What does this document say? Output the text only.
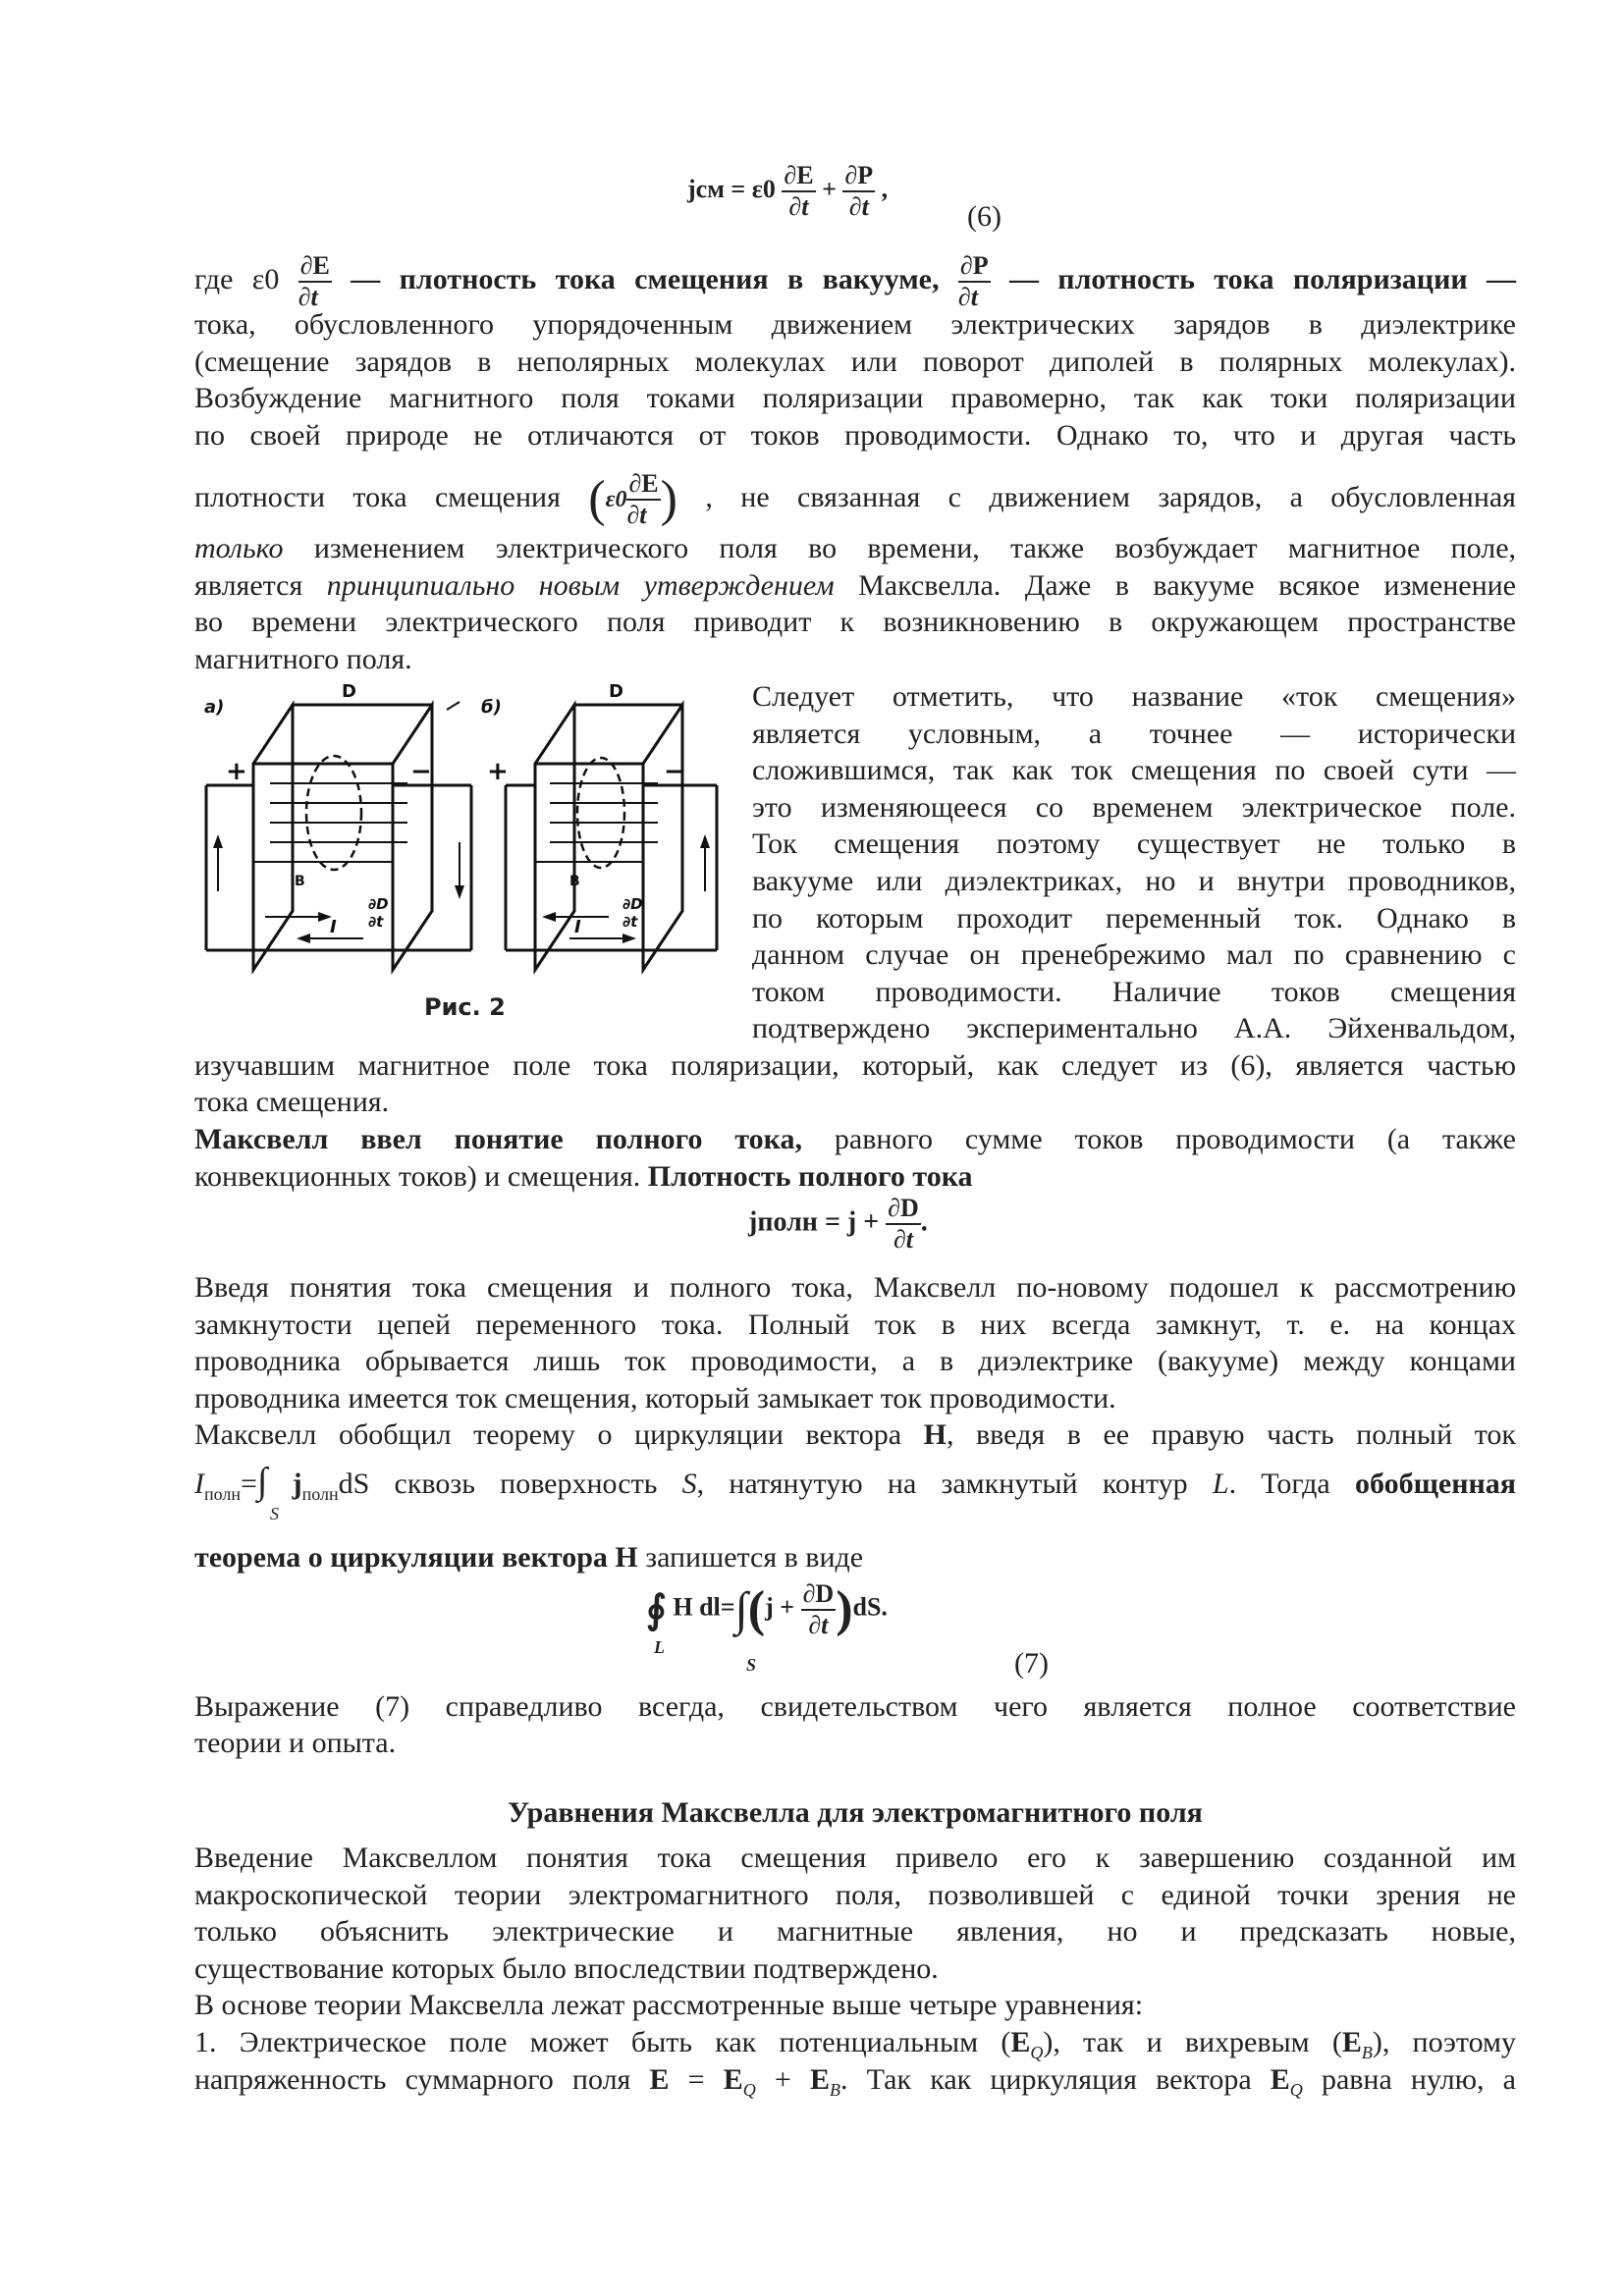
jсм = $\varepsilon 0 \frac{\partial E}{\partial t} + \frac{\partial P}{\partial t}$ ,
(6)
где $\varepsilon 0 \frac{\partial E}{\partial t}$ — плотность тока смещения в вакууме, $\frac{\partial P}{\partial t}$ — плотность тока поляризации —
тока, обусловленного упорядоченным движением электрических зарядов в диэлектрике
(смещение зарядов в неполярных молекулах или поворот диполей в полярных молекулах).
Возбуждение магнитного поля токами поляризации правомерно, так как токи поляризации
по своей природе не отличаются от токов проводимости. Однако то, что и другая часть
плотности тока смещения ($\varepsilon 0 \frac{\partial E}{\partial t}$ ) , не связанная с движением зарядов, а обусловленная
только изменением электрического поля во времени, также возбуждает магнитное поле,
является принципиально новым утверждением Максвелла. Даже в вакууме всякое изменение
во времени электрического поля приводит к возникновению в окружающем пространстве
магнитного поля.
а)
D
+	−
B
∂D
∂t
I
б)
D
+	−
B
∂D
∂t
I
Рис. 2
Следует отметить, что название «ток смещения»
является условным, а точнее — исторически
сложившимся, так как ток смещения по своей сути —
это изменяющееся со временем электрическое поле.
Ток смещения поэтому существует не только в
вакууме или диэлектриках, но и внутри проводников,
по которым проходит переменный ток. Однако в
данном случае он пренебрежимо мал по сравнению с
током проводимости. Наличие токов смещения
подтверждено экспериментально А.А. Эйхенвальдом,
изучавшим магнитное поле тока поляризации, который, как следует из (6), является частью
тока смещения.
Максвелл ввел понятие полного тока, равного сумме токов проводимости (а также
конвекционных токов) и смещения. Плотность полного тока
jполн = $j + \frac{\partial D}{\partial t}$ .
Введя понятия тока смещения и полного тока, Максвелл по-новому подошел к рассмотрению
замкнутости цепей переменного тока. Полный ток в них всегда замкнут, т. е. на концах
проводника обрывается лишь ток проводимости, а в диэлектрике (вакууме) между концами
проводника имеется ток смещения, который замыкает ток проводимости.
Максвелл обобщил теорему о циркуляции вектора H, введя в ее правую часть полный ток
$I_{полн}=\int$ $j_{полн}dS$ сквозь поверхность S, натянутую на замкнутый контур L. Тогда обобщенная
S
теорема о циркуляции вектора H запишется в виде
∮ H $dl=\int(j + \frac{\partial D}{\partial t} )dS$.
L
S	(7)
Выражение (7) справедливо всегда, свидетельством чего является полное соответствие
теории и опыта.
Уравнения Максвелла для электромагнитного поля
Введение Максвеллом понятия тока смещения привело его к завершению созданной им
макроскопической теории электромагнитного поля, позволившей с единой точки зрения не
только объяснить электрические и магнитные явления, но и предсказать новые,
существование которых было впоследствии подтверждено.
В основе теории Максвелла лежат рассмотренные выше четыре уравнения:
1. Электрическое поле может быть как потенциальным $(E_Q)$, так и вихревым $(E_B)$, поэтому
напряженность суммарного поля $E = E_Q + E_B$. Так как циркуляция вектора $E_Q$ равна нулю, а
